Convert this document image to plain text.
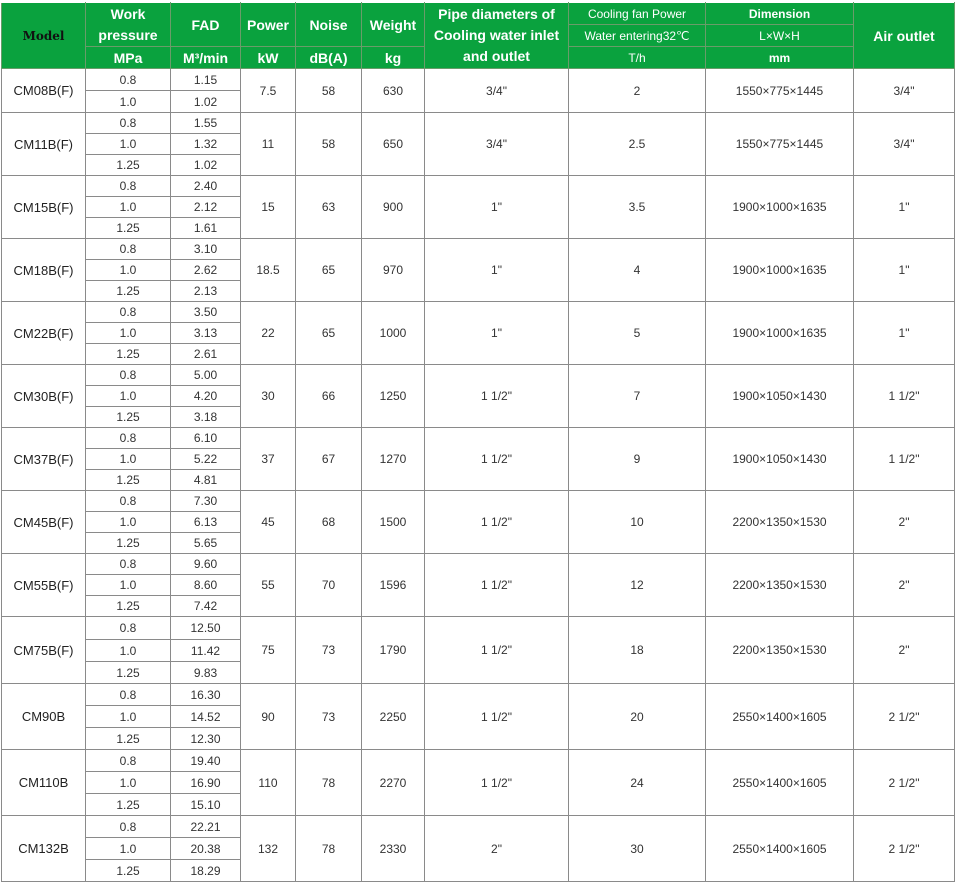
Model	Work pressure	FAD	Power	Noise	Weight	Pipe diameters of Cooling water inlet and outlet	Cooling fan Power	Dimension	Air outlet
							Water entering32℃	L×W×H	
	MPa	M³/min	kW	dB(A)	kg		T/h	mm	
CM08B(F)	0.8	1.15	7.5	58	630	3/4"	2	1550×775×1445	3/4"
	1.0	1.02							
CM11B(F)	0.8	1.55	11	58	650	3/4"	2.5	1550×775×1445	3/4"
	1.0	1.32							
	1.25	1.02							
CM15B(F)	0.8	2.40	15	63	900	1"	3.5	1900×1000×1635	1"
	1.0	2.12							
	1.25	1.61							
CM18B(F)	0.8	3.10	18.5	65	970	1"	4	1900×1000×1635	1"
	1.0	2.62							
	1.25	2.13							
CM22B(F)	0.8	3.50	22	65	1000	1"	5	1900×1000×1635	1"
	1.0	3.13							
	1.25	2.61							
CM30B(F)	0.8	5.00	30	66	1250	1 1/2"	7	1900×1050×1430	1 1/2"
	1.0	4.20							
	1.25	3.18							
CM37B(F)	0.8	6.10	37	67	1270	1 1/2"	9	1900×1050×1430	1 1/2"
	1.0	5.22							
	1.25	4.81							
CM45B(F)	0.8	7.30	45	68	1500	1 1/2"	10	2200×1350×1530	2"
	1.0	6.13							
	1.25	5.65							
CM55B(F)	0.8	9.60	55	70	1596	1 1/2"	12	2200×1350×1530	2"
	1.0	8.60							
	1.25	7.42							
CM75B(F)	0.8	12.50	75	73	1790	1 1/2"	18	2200×1350×1530	2"
	1.0	11.42							
	1.25	9.83							
CM90B	0.8	16.30	90	73	2250	1 1/2"	20	2550×1400×1605	2 1/2"
	1.0	14.52							
	1.25	12.30							
CM110B	0.8	19.40	110	78	2270	1 1/2"	24	2550×1400×1605	2 1/2"
	1.0	16.90							
	1.25	15.10							
CM132B	0.8	22.21	132	78	2330	2"	30	2550×1400×1605	2 1/2"
	1.0	20.38							
	1.25	18.29							
